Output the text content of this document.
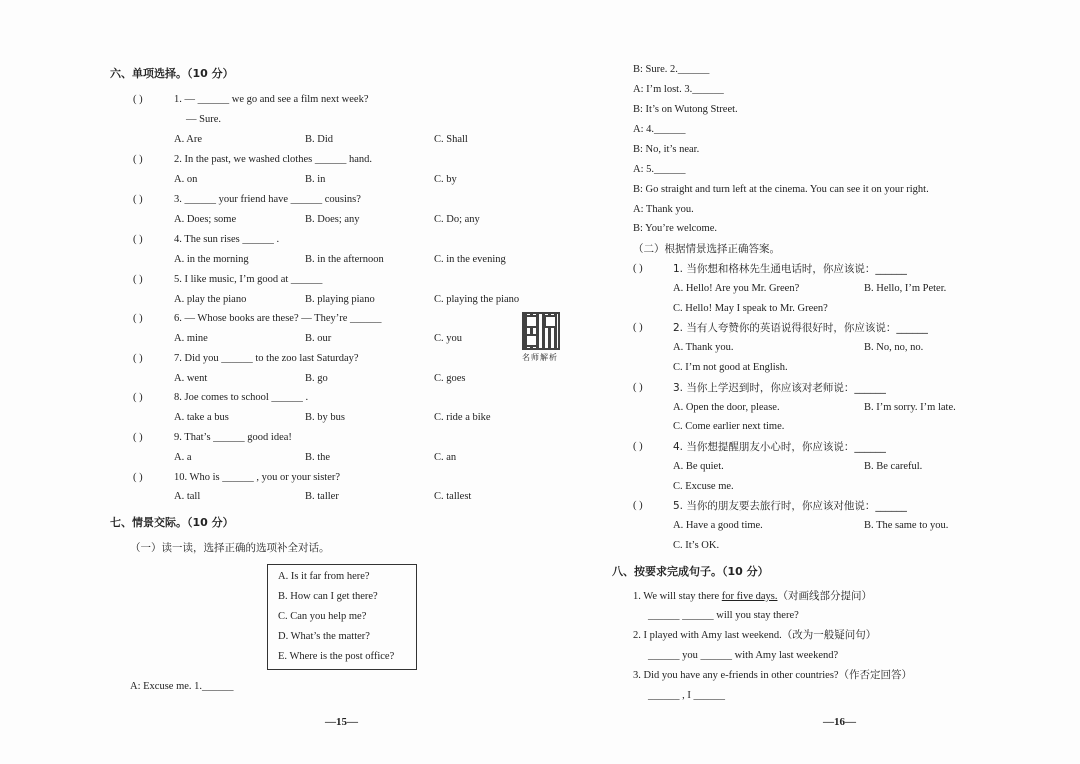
六、单项选择。（10 分）
( )	1. — ______ we go and see a film next week?
— Sure.
A. Are	B. Did	C. Shall
( )	2. In the past, we washed clothes ______ hand.
A. on	B. in	C. by
( )	3. ______ your friend have ______ cousins?
A. Does; some	B. Does; any	C. Do; any
( )	4. The sun rises ______ .
A. in the morning	B. in the afternoon	C. in the evening
( )	5. I like music, I’m good at ______
A. play the piano	B. playing piano	C. playing the piano
( )	6. — Whose books are these? — They’re ______
A. mine	B. our	C. you
名师解析
( )	7. Did you ______ to the zoo last Saturday?
A. went	B. go	C. goes
( )	8. Joe comes to school ______ .
A. take a bus	B. by bus	C. ride a bike
( )	9. That’s ______ good idea!
A. a	B. the	C. an
( )	10. Who is ______ , you or your sister?
A. tall	B. taller	C. tallest
七、情景交际。（10 分）
（一）读一读，选择正确的选项补全对话。
A. Is it far from here?
B. How can I get there?
C. Can you help me?
D. What’s the matter?
E. Where is the post office?
A: Excuse me. 1.______
—15—
B: Sure. 2.______
A: I’m lost. 3.______
B: It’s on Wutong Street.
A: 4.______
B: No, it’s near.
A: 5.______
B: Go straight and turn left at the cinema. You can see it on your right.
A: Thank you.
B: You’re welcome.
（二）根据情景选择正确答案。
( )	1. 当你想和格林先生通电话时，你应该说：______
A. Hello! Are you Mr. Green?	B. Hello, I’m Peter.
C. Hello! May I speak to Mr. Green?
( )	2. 当有人夸赞你的英语说得很好时，你应该说：______
A. Thank you.	B. No, no, no.
C. I’m not good at English.
( )	3. 当你上学迟到时，你应该对老师说：______
A. Open the door, please.	B. I’m sorry. I’m late.
C. Come earlier next time.
( )	4. 当你想提醒朋友小心时，你应该说：______
A. Be quiet.	B. Be careful.
C. Excuse me.
( )	5. 当你的朋友要去旅行时，你应该对他说：______
A. Have a good time.	B. The same to you.
C. It’s OK.
八、按要求完成句子。（10 分）
1. We will stay there for five days.（对画线部分提问）
______ ______ will you stay there?
2. I played with Amy last weekend.（改为一般疑问句）
______ you ______ with Amy last weekend?
3. Did you have any e-friends in other countries?（作否定回答）
______ , I ______
—16—
